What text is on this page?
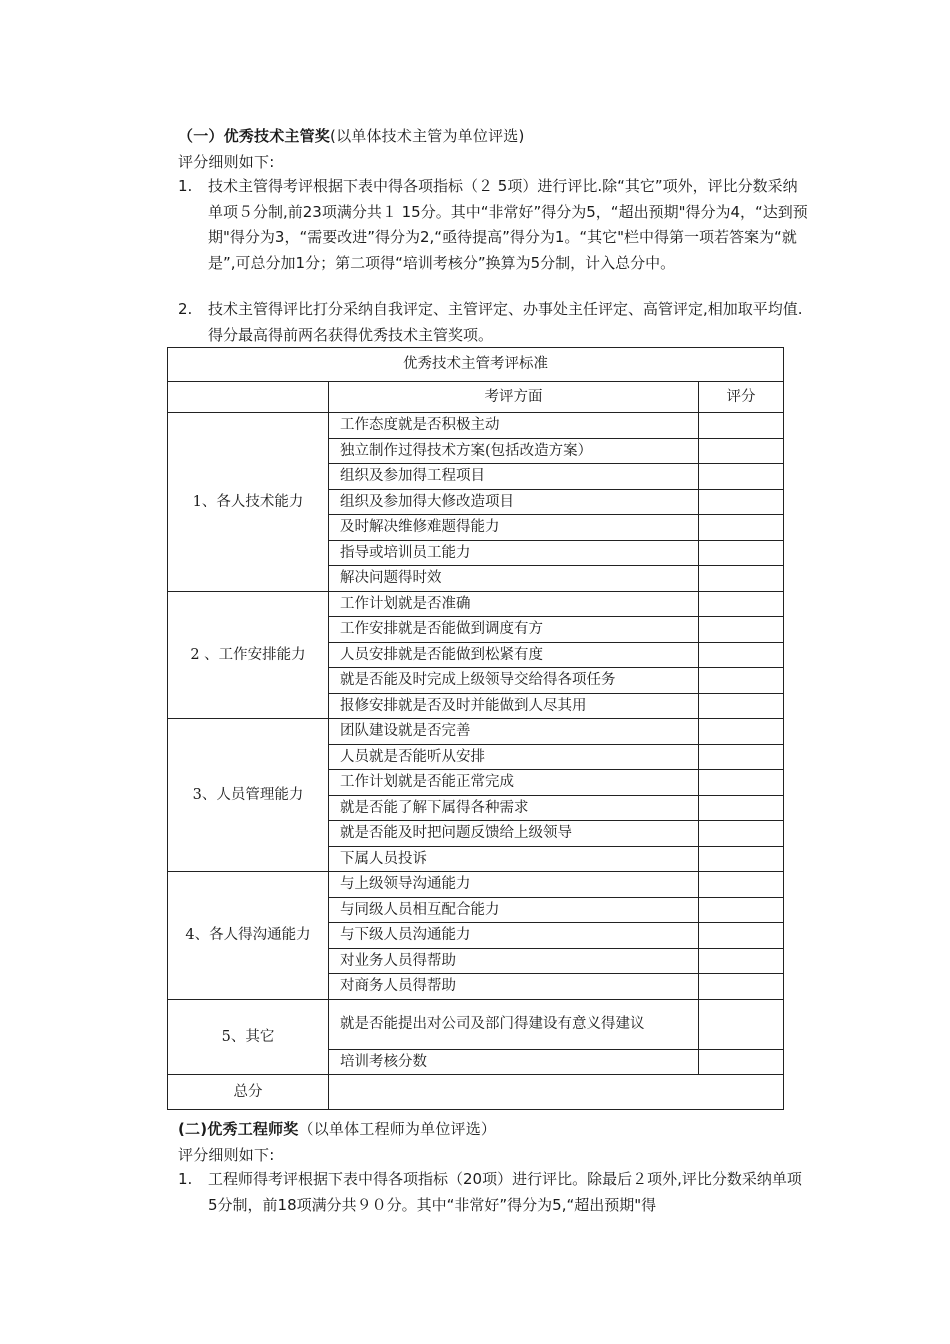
（一）优秀技术主管奖(以单体技术主管为单位评选)
评分细则如下:
1.	技术主管得考评根据下表中得各项指标（２ 5项）进行评比.除“其它”项外，评比分数采纳单项５分制,前23项满分共１ 15分。其中“非常好”得分为5，“超出预期"得分为4，“达到预期"得分为3，“需要改进”得分为2,“亟待提高”得分为1。“其它"栏中得第一项若答案为“就是”,可总分加1分；第二项得“培训考核分”换算为5分制，计入总分中。
2.	技术主管得评比打分采纳自我评定、主管评定、办事处主任评定、高管评定,相加取平均值.得分最高得前两名获得优秀技术主管奖项。
优秀技术主管考评标准		
	考评方面	评分
1、各人技术能力	工作态度就是否积极主动	
	独立制作过得技术方案(包括改造方案）	
	组织及参加得工程项目	
	组织及参加得大修改造项目	
	及时解决维修难题得能力	
	指导或培训员工能力	
	解决问题得时效	
2 、工作安排能力	工作计划就是否准确	
	工作安排就是否能做到调度有方	
	人员安排就是否能做到松紧有度	
	就是否能及时完成上级领导交给得各项任务	
	报修安排就是否及时并能做到人尽其用	
3、人员管理能力	团队建设就是否完善	
	人员就是否能听从安排	
	工作计划就是否能正常完成	
	就是否能了解下属得各种需求	
	就是否能及时把问题反馈给上级领导	
	下属人员投诉	
4、各人得沟通能力	与上级领导沟通能力	
	与同级人员相互配合能力	
	与下级人员沟通能力	
	对业务人员得帮助	
	对商务人员得帮助	
5、其它	就是否能提出对公司及部门得建设有意义得建议	
	培训考核分数	
总分		
(二)优秀工程师奖（以单体工程师为单位评选）
评分细则如下:
1.	工程师得考评根据下表中得各项指标（20项）进行评比。除最后２项外,评比分数采纳单项5分制，前18项满分共９０分。其中“非常好”得分为5,“超出预期"得
